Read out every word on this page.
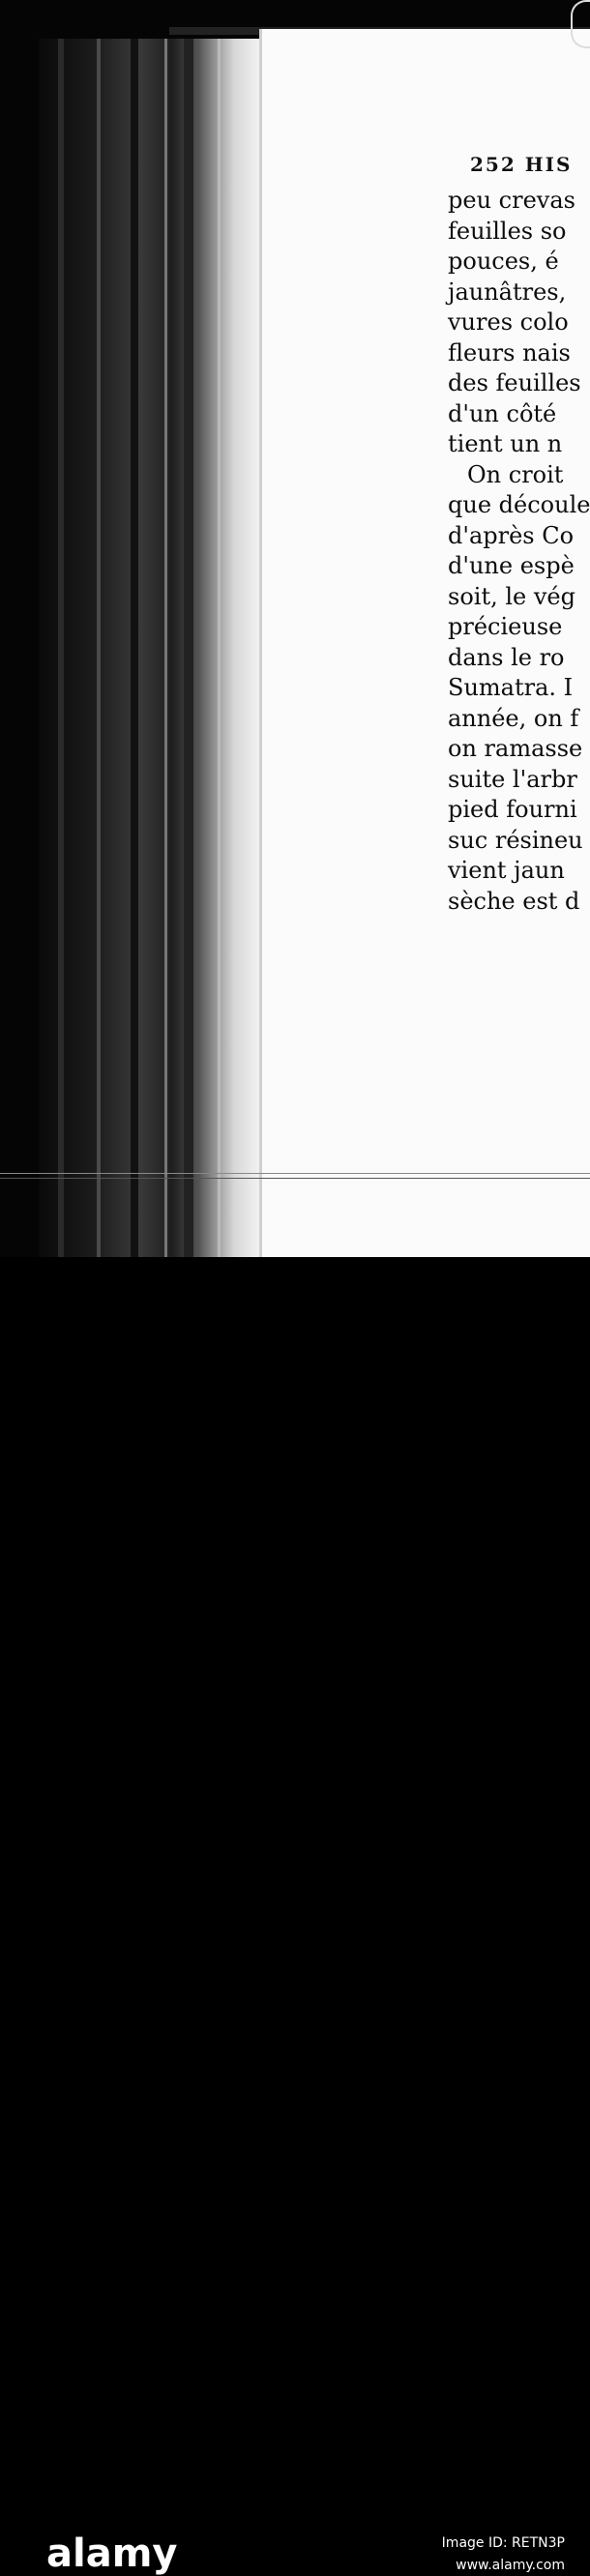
252 HIS
peu crevas
feuilles so
pouces, é
jaunâtres,
vures colo
fleurs nais
des feuilles
d'un côté
tient un n
On croit
que découle
d'après Co
d'une espè
soit, le vég
précieuse
dans le ro
Sumatra. I
année, on f
on ramasse
suite l'arbr
pied fourni
suc résineu
vient jaun
sèche est d
alamy	Image ID: RETN3P
www.alamy.com
